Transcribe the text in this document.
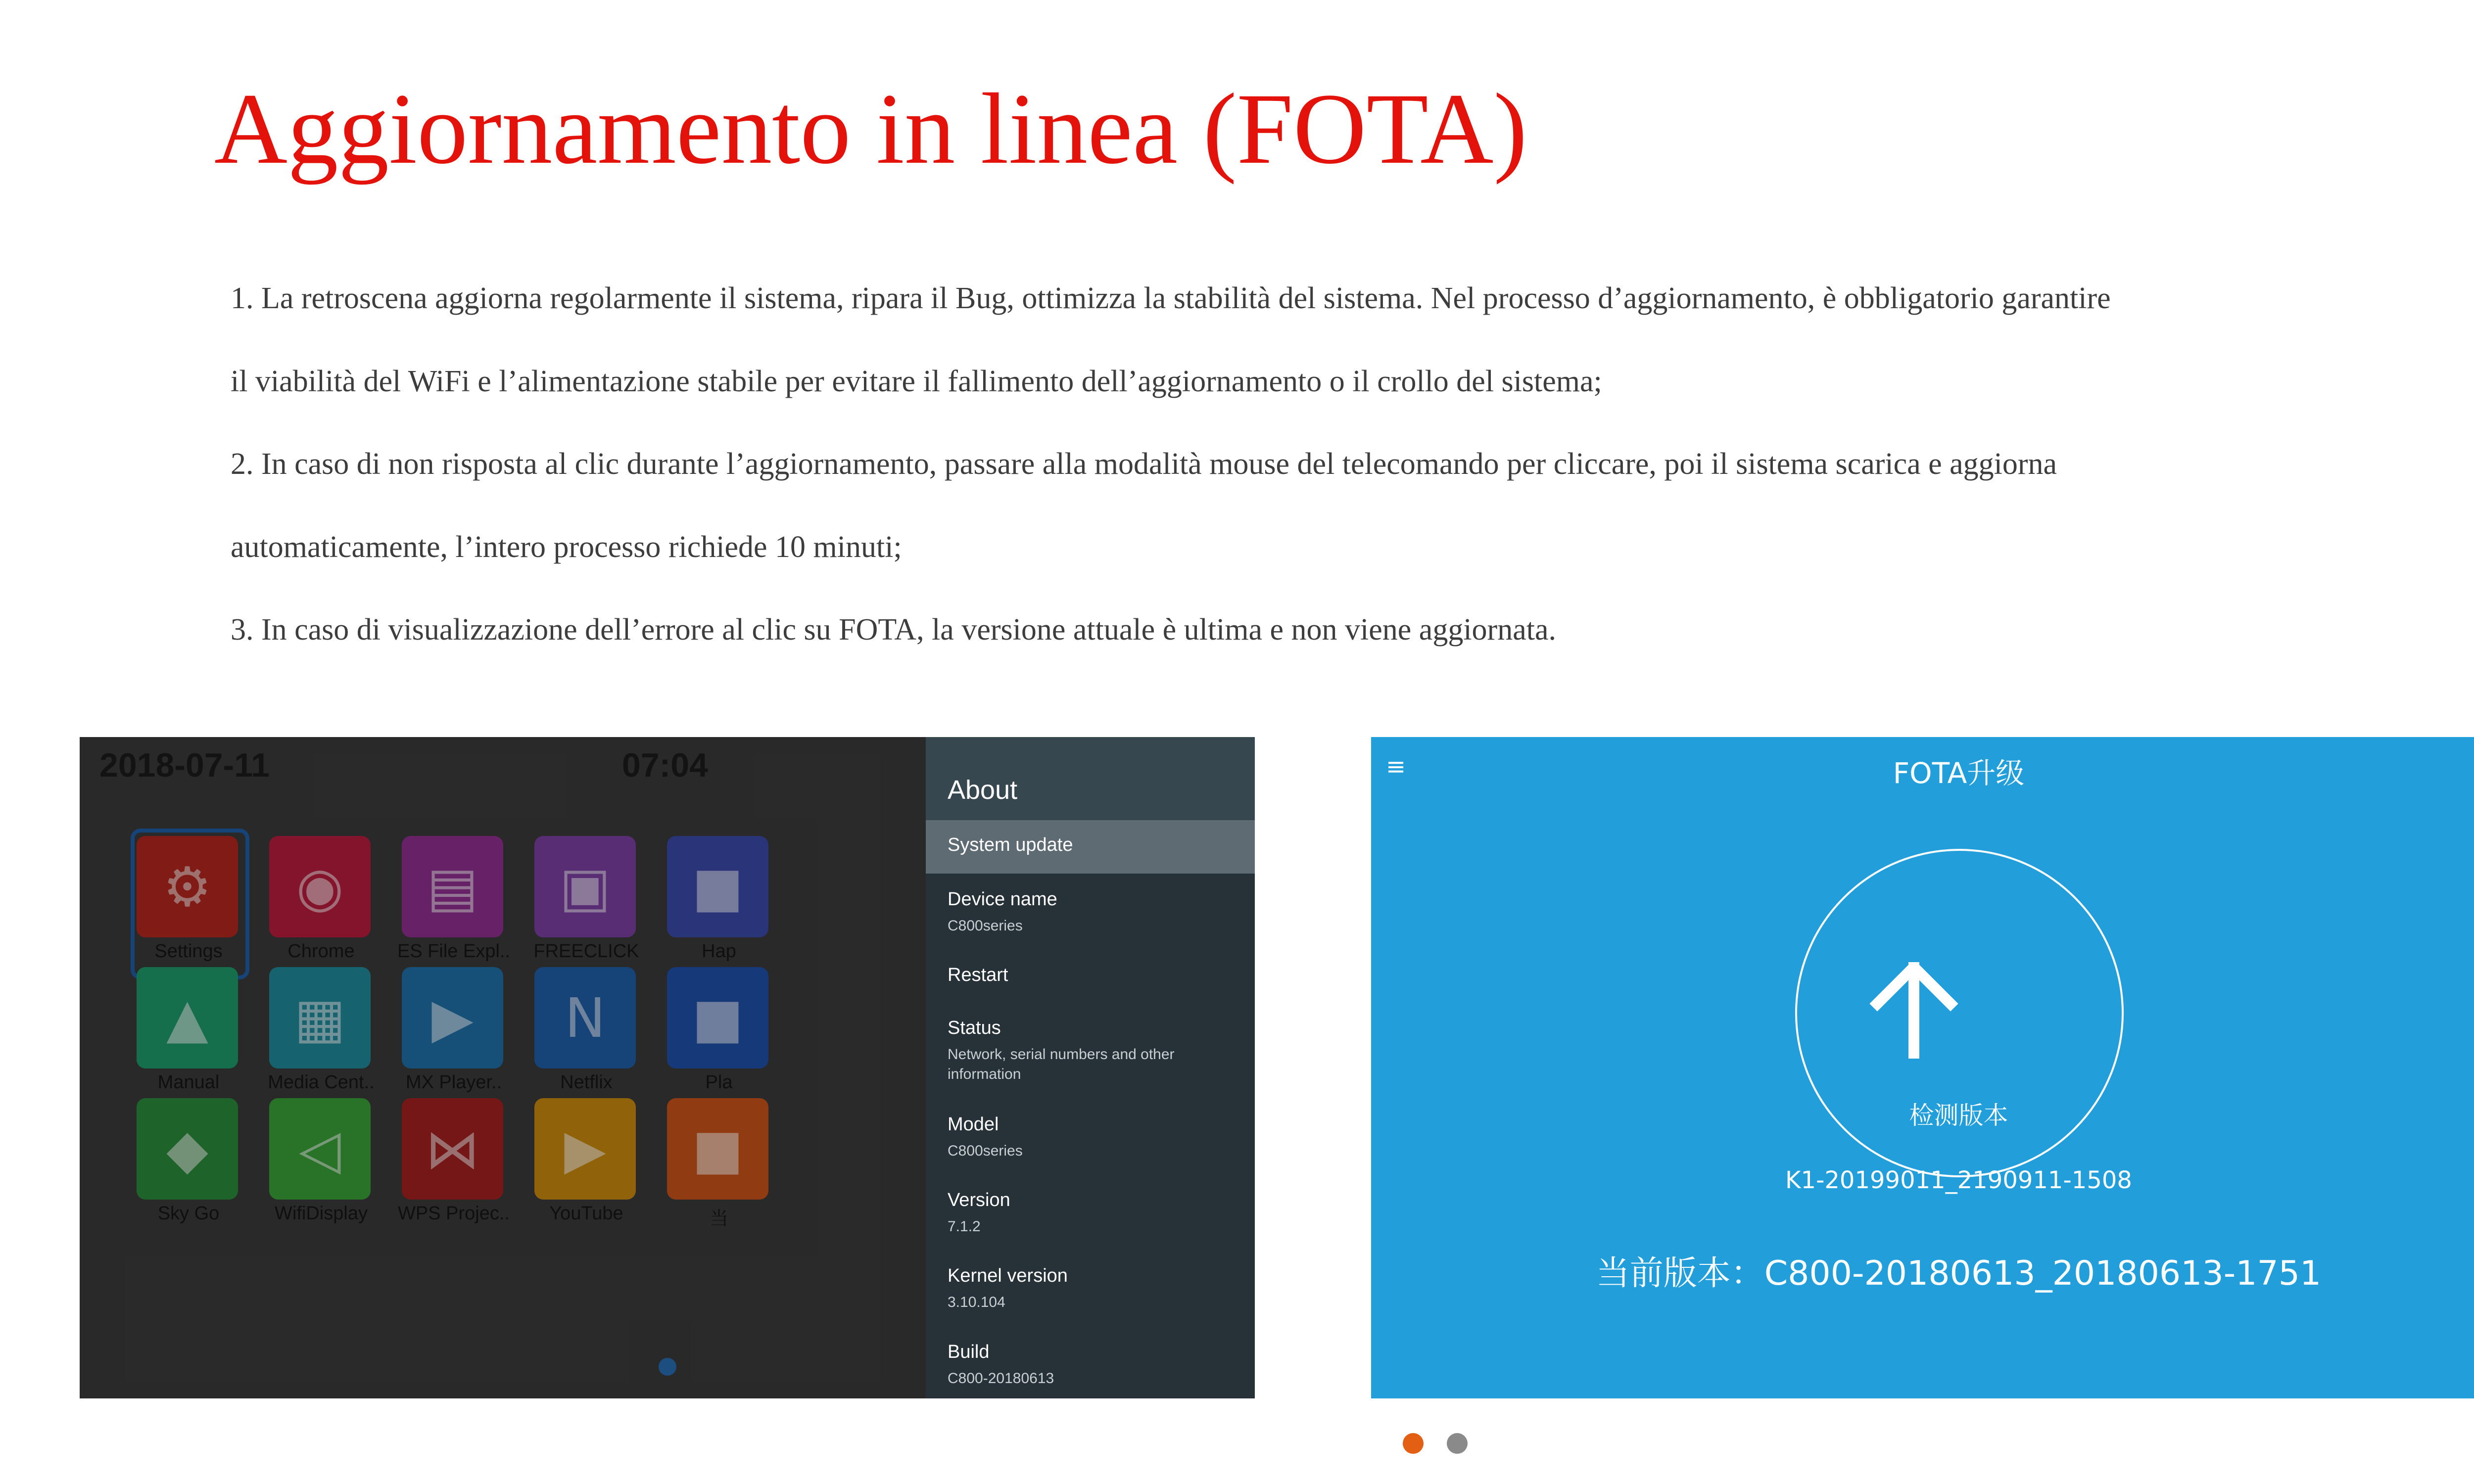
Aggiornamento in linea (FOTA)
1. La retroscena aggiorna regolarmente il sistema, ripara il Bug, ottimizza la stabilità del sistema. Nel processo d’aggiornamento, è obbligatorio garantire
il viabilità del WiFi e l’alimentazione stabile per evitare il fallimento dell’aggiornamento o il crollo del sistema;
2. In caso di non risposta al clic durante l’aggiornamento, passare alla modalità mouse del telecomando per cliccare, poi il sistema scarica e aggiorna
automaticamente, l’intero processo richiede 10 minuti;
3. In caso di visualizzazione dell’errore al clic su FOTA, la versione attuale è ultima e non viene aggiornata.
2018-07-11	07:04
⚙
Settings
◉
Chrome
▤
ES File Expl..
▣
FREECLICK
■
Hap
▲
Manual
▦
Media Cent..
▶
MX Player..
N
Netflix
■
Pla
◆
Sky Go
◁
WifiDisplay
⋈
WPS Projec..
▶
YouTube
■
当
About
System update
Device name
C800series
Restart
Status
Network, serial numbers and other information
Model
C800series
Version
7.1.2
Kernel version
3.10.104
Build
C800-20180613
≡	FOTA升级
检测版本
K1-20199011_2190911-1508
当前版本：C800-20180613_20180613-1751
